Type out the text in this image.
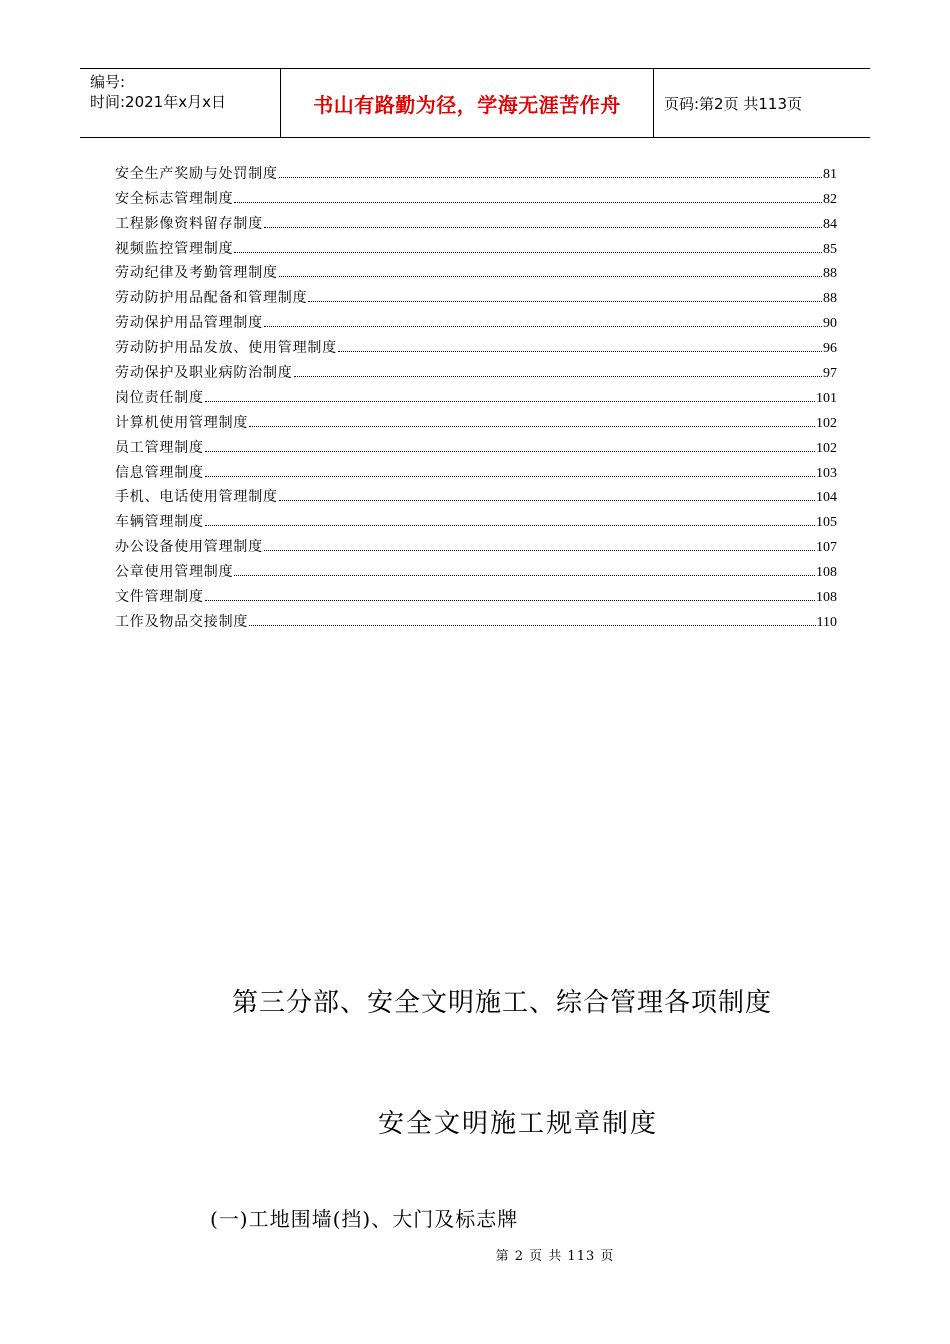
编号:
时间:2021年x月x日	书山有路勤为径，学海无涯苦作舟	页码:第2页 共113页
安全生产奖励与处罚制度	81
安全标志管理制度	82
工程影像资料留存制度	84
视频监控管理制度	85
劳动纪律及考勤管理制度	88
劳动防护用品配备和管理制度	88
劳动保护用品管理制度	90
劳动防护用品发放、使用管理制度	96
劳动保护及职业病防治制度	97
岗位责任制度	101
计算机使用管理制度	102
员工管理制度	102
信息管理制度	103
手机、电话使用管理制度	104
车辆管理制度	105
办公设备使用管理制度	107
公章使用管理制度	108
文件管理制度	108
工作及物品交接制度	110
第三分部、安全文明施工、综合管理各项制度
安全文明施工规章制度
(一)工地围墙(挡)、大门及标志牌
第 2 页 共 113 页
